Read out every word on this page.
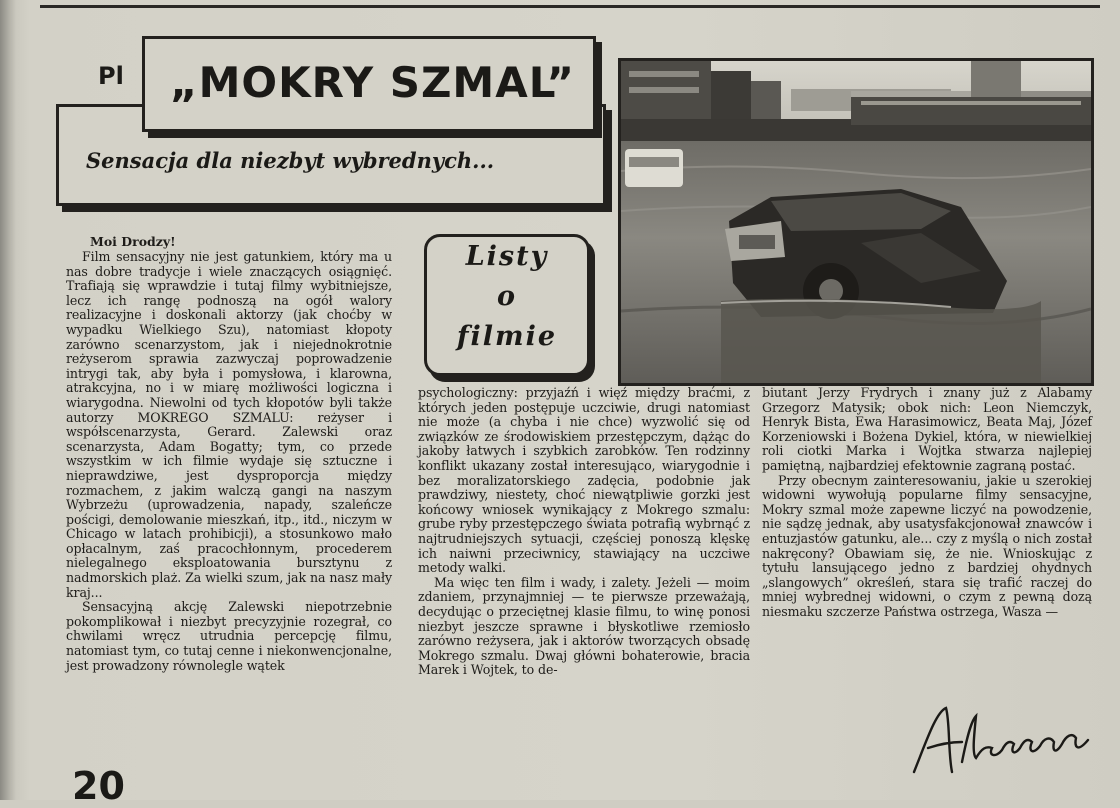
Sensacja dla niezbyt wybrednych...
„MOKRY SZMAL”
Pl
Listy
o
filmie
Moi Drodzy!

Film sensacyjny nie jest gatunkiem, który ma u nas dobre tradycje i wiele znaczących osiągnięć. Trafiają się wprawdzie i tutaj filmy wybitniejsze, lecz ich rangę podnoszą na ogół walory realizacyjne i doskonali aktorzy (jak choćby w wypadku Wielkiego Szu), natomiast kłopoty zarówno scenarzystom, jak i niejednokrotnie reżyserom sprawia zazwyczaj poprowadzenie intrygi tak, aby była i pomysłowa, i klarowna, atrakcyjna, no i w miarę możliwości logiczna i wiarygodna. Niewolni od tych kłopotów byli także autorzy MOKREGO SZMALU: reżyser i współscenarzysta, Gerard. Zalewski oraz scenarzysta, Adam Bogatty; tym, co przede wszystkim w ich filmie wydaje się sztuczne i nieprawdziwe, jest dysproporcja między rozmachem, z jakim walczą gangi na naszym Wybrzeżu (uprowadzenia, napady, szaleńcze pościgi, demolowanie mieszkań, itp., itd., niczym w Chicago w latach prohibicji), a stosunkowo mało opłacalnym, zaś pracochłonnym, procederem nielegalnego eksploatowania bursztynu z nadmorskich plaż. Za wielki szum, jak na nasz mały kraj...

Sensacyjną akcję Zalewski niepotrzebnie pokomplikował i niezbyt precyzyjnie rozegrał, co chwilami wręcz utrudnia percepcję filmu, natomiast tym, co tutaj cenne i niekonwencjonalne, jest prowadzony równolegle wątek

psychologiczny: przyjaźń i więź między braćmi, z których jeden postępuje uczciwie, drugi natomiast nie może (a chyba i nie chce) wyzwolić się od związków ze środowiskiem przestępczym, dążąc do jakoby łatwych i szybkich zarobków. Ten rodzinny konflikt ukazany został interesująco, wiarygodnie i bez moralizatorskiego zadęcia, podobnie jak prawdziwy, niestety, choć niewątpliwie gorzki jest końcowy wniosek wynikający z Mokrego szmalu: grube ryby przestępczego świata potrafią wybrnąć z najtrudniejszych sytuacji, częściej ponoszą klęskę ich naiwni przeciwnicy, stawiający na uczciwe metody walki.

Ma więc ten film i wady, i zalety. Jeżeli — moim zdaniem, przynajmniej — te pierwsze przeważają, decydując o przeciętnej klasie filmu, to winę ponosi niezbyt jeszcze sprawne i błyskotliwe rzemiosło zarówno reżysera, jak i aktorów tworzących obsadę Mokrego szmalu. Dwaj główni bohaterowie, bracia Marek i Wojtek, to de-

biutant Jerzy Frydrych i znany już z Alabamy Grzegorz Matysik; obok nich: Leon Niemczyk, Henryk Bista, Ewa Harasimowicz, Beata Maj, Józef Korzeniowski i Bożena Dykiel, która, w niewielkiej roli ciotki Marka i Wojtka stwarza najlepiej pamiętną, najbardziej efektownie zagraną postać.

Przy obecnym zainteresowaniu, jakie u szerokiej widowni wywołują popularne filmy sensacyjne, Mokry szmal może zapewne liczyć na powodzenie, nie sądzę jednak, aby usatysfakcjonował znawców i entuzjastów gatunku, ale... czy z myślą o nich został nakręcony? Obawiam się, że nie. Wnioskując z tytułu lansującego jedno z bardziej ohydnych „slangowych” określeń, stara się trafić raczej do mniej wybrednej widowni, o czym z pewną dozą niesmaku szczerze Państwa ostrzega, Wasza —

20
